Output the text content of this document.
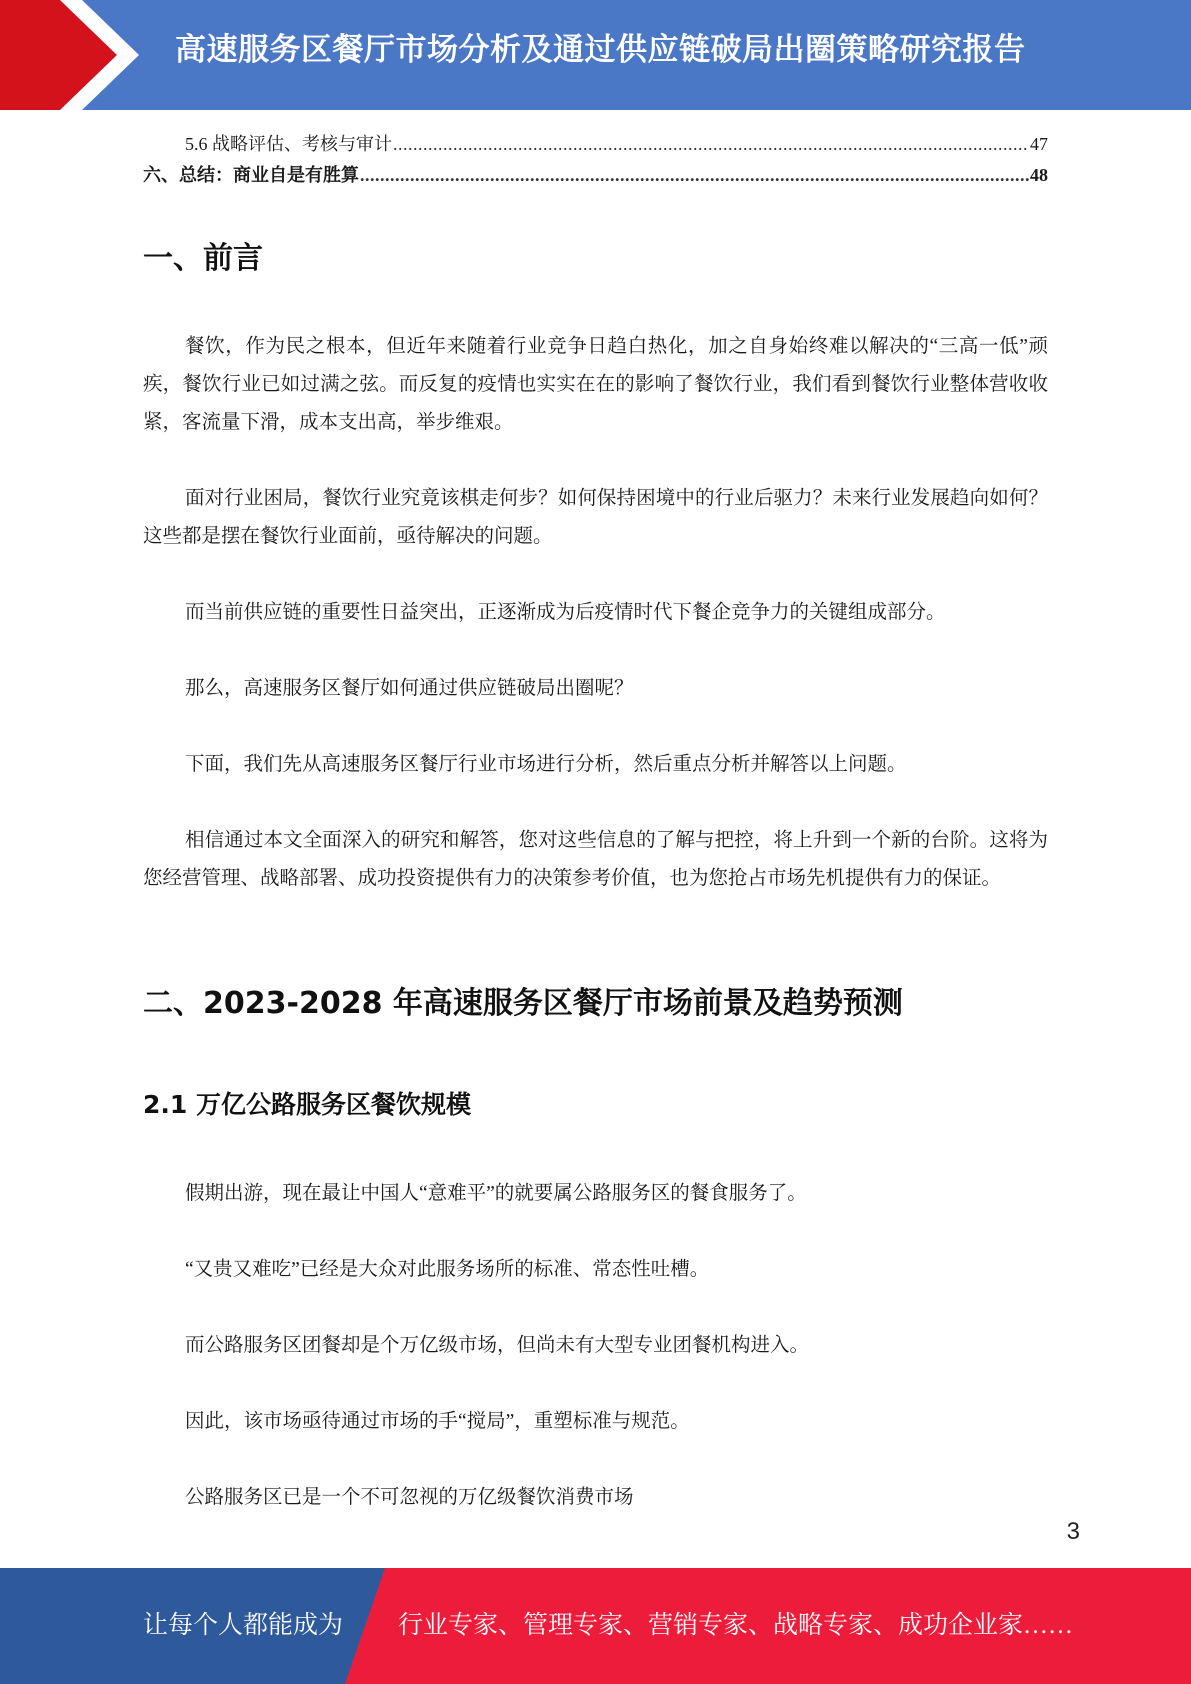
高速服务区餐厅市场分析及通过供应链破局出圈策略研究报告
5.6 战略评估、考核与审计 .....	47
六、总结：商业自是有胜算 .....	48
一、前言

餐饮，作为民之根本，但近年来随着行业竞争日趋白热化，加之自身始终难以解决的“三高一低”顽疾，餐饮行业已如过满之弦。而反复的疫情也实实在在的影响了餐饮行业，我们看到餐饮行业整体营收收紧，客流量下滑，成本支出高，举步维艰。

面对行业困局，餐饮行业究竟该棋走何步？如何保持困境中的行业后驱力？未来行业发展趋向如何？这些都是摆在餐饮行业面前，亟待解决的问题。

而当前供应链的重要性日益突出，正逐渐成为后疫情时代下餐企竞争力的关键组成部分。

那么，高速服务区餐厅如何通过供应链破局出圈呢？

下面，我们先从高速服务区餐厅行业市场进行分析，然后重点分析并解答以上问题。

相信通过本文全面深入的研究和解答，您对这些信息的了解与把控，将上升到一个新的台阶。这将为您经营管理、战略部署、成功投资提供有力的决策参考价值，也为您抢占市场先机提供有力的保证。

二、2023-2028 年高速服务区餐厅市场前景及趋势预测
2.1 万亿公路服务区餐饮规模

假期出游，现在最让中国人“意难平”的就要属公路服务区的餐食服务了。

“又贵又难吃”已经是大众对此服务场所的标准、常态性吐槽。

而公路服务区团餐却是个万亿级市场，但尚未有大型专业团餐机构进入。

因此，该市场亟待通过市场的手“搅局”，重塑标准与规范。

公路服务区已是一个不可忽视的万亿级餐饮消费市场

3
让每个人都能成为 行业专家、管理专家、营销专家、战略专家、成功企业家……
